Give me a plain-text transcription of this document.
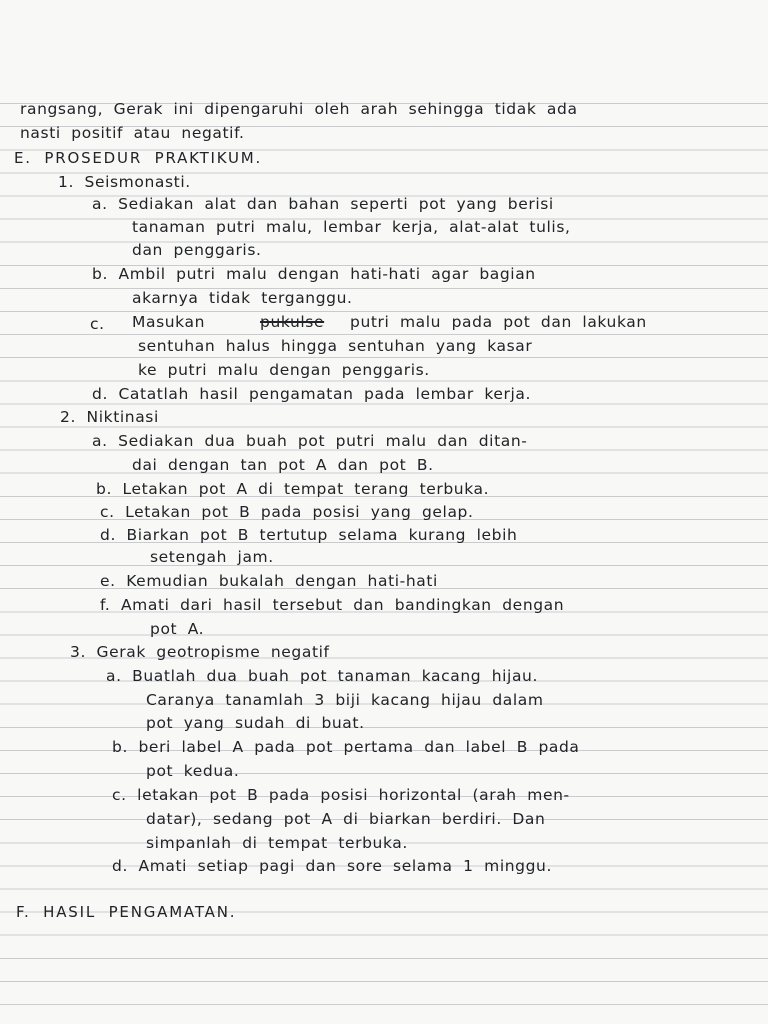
rangsang, Gerak ini dipengaruhi oleh arah sehingga tidak ada
nasti positif atau negatif.
E. PROSEDUR PRAKTIKUM.
1. Seismonasti.
a. Sediakan alat dan bahan seperti pot yang berisi
tanaman putri malu, lembar kerja, alat-alat tulis,
dan penggaris.
b. Ambil putri malu dengan hati-hati agar bagian
akarnya tidak terganggu.
c. Masukan	pukulse putri malu pada pot dan lakukan
sentuhan halus hingga sentuhan yang kasar
ke putri malu dengan penggaris.
d. Catatlah hasil pengamatan pada lembar kerja.
2. Niktinasi
a. Sediakan dua buah pot putri malu dan ditan-
dai dengan tan pot A dan pot B.
b. Letakan pot A di tempat terang terbuka.
c. Letakan pot B pada posisi yang gelap.
d. Biarkan pot B tertutup selama kurang lebih
setengah jam.
e. Kemudian bukalah dengan hati-hati
f. Amati dari hasil tersebut dan bandingkan dengan
pot A.
3. Gerak geotropisme negatif
a. Buatlah dua buah pot tanaman kacang hijau.
Caranya tanamlah 3 biji kacang hijau dalam
pot yang sudah di buat.
b. beri label A pada pot pertama dan label B pada
pot kedua.
c. letakan pot B pada posisi horizontal (arah men-
datar), sedang pot A di biarkan berdiri. Dan
simpanlah di tempat terbuka.
d. Amati setiap pagi dan sore selama 1 minggu.
F. HASIL PENGAMATAN.
